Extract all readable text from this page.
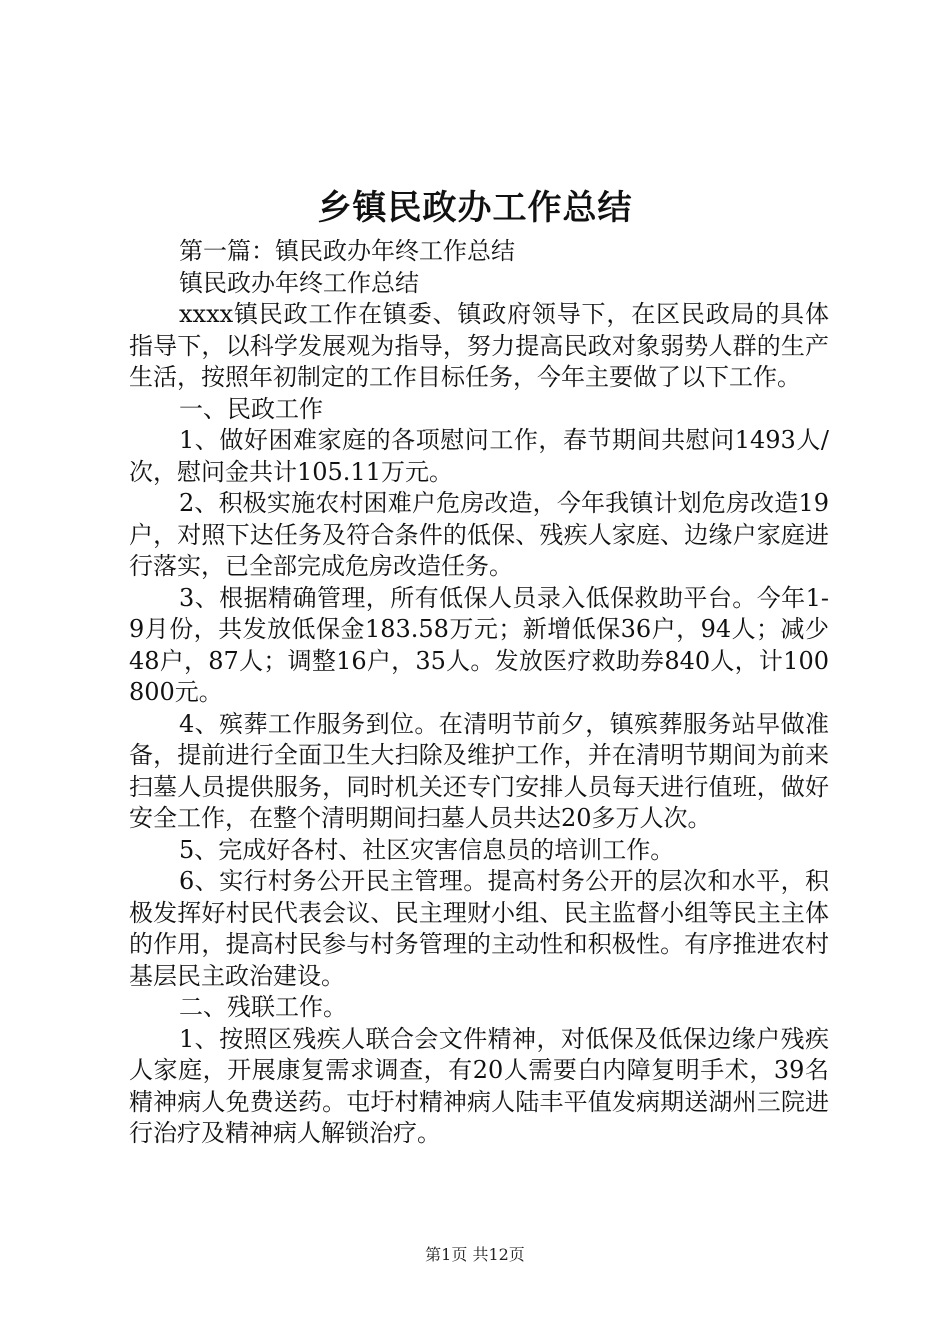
乡镇民政办工作总结

第一篇：镇民政办年终工作总结

镇民政办年终工作总结

xxxx镇民政工作在镇委、镇政府领导下，在区民政局的具体指导下，以科学发展观为指导，努力提高民政对象弱势人群的生产生活，按照年初制定的工作目标任务，今年主要做了以下工作。

一、民政工作

1、做好困难家庭的各项慰问工作，春节期间共慰问1493人/次，慰问金共计105.11万元。

2、积极实施农村困难户危房改造，今年我镇计划危房改造19户，对照下达任务及符合条件的低保、残疾人家庭、边缘户家庭进行落实，已全部完成危房改造任务。

3、根据精确管理，所有低保人员录入低保救助平台。今年1-9月份，共发放低保金183.58万元；新增低保36户，94人；减少48户，87人；调整16户，35人。发放医疗救助券840人，计100800元。

4、殡葬工作服务到位。在清明节前夕，镇殡葬服务站早做准备，提前进行全面卫生大扫除及维护工作，并在清明节期间为前来扫墓人员提供服务，同时机关还专门安排人员每天进行值班，做好安全工作，在整个清明期间扫墓人员共达20多万人次。

5、完成好各村、社区灾害信息员的培训工作。

6、实行村务公开民主管理。提高村务公开的层次和水平，积极发挥好村民代表会议、民主理财小组、民主监督小组等民主主体的作用，提高村民参与村务管理的主动性和积极性。有序推进农村基层民主政治建设。

二、残联工作。

1、按照区残疾人联合会文件精神，对低保及低保边缘户残疾人家庭，开展康复需求调查，有20人需要白内障复明手术，39名精神病人免费送药。屯圩村精神病人陆丰平值发病期送湖州三院进行治疗及精神病人解锁治疗。

第1页 共12页
